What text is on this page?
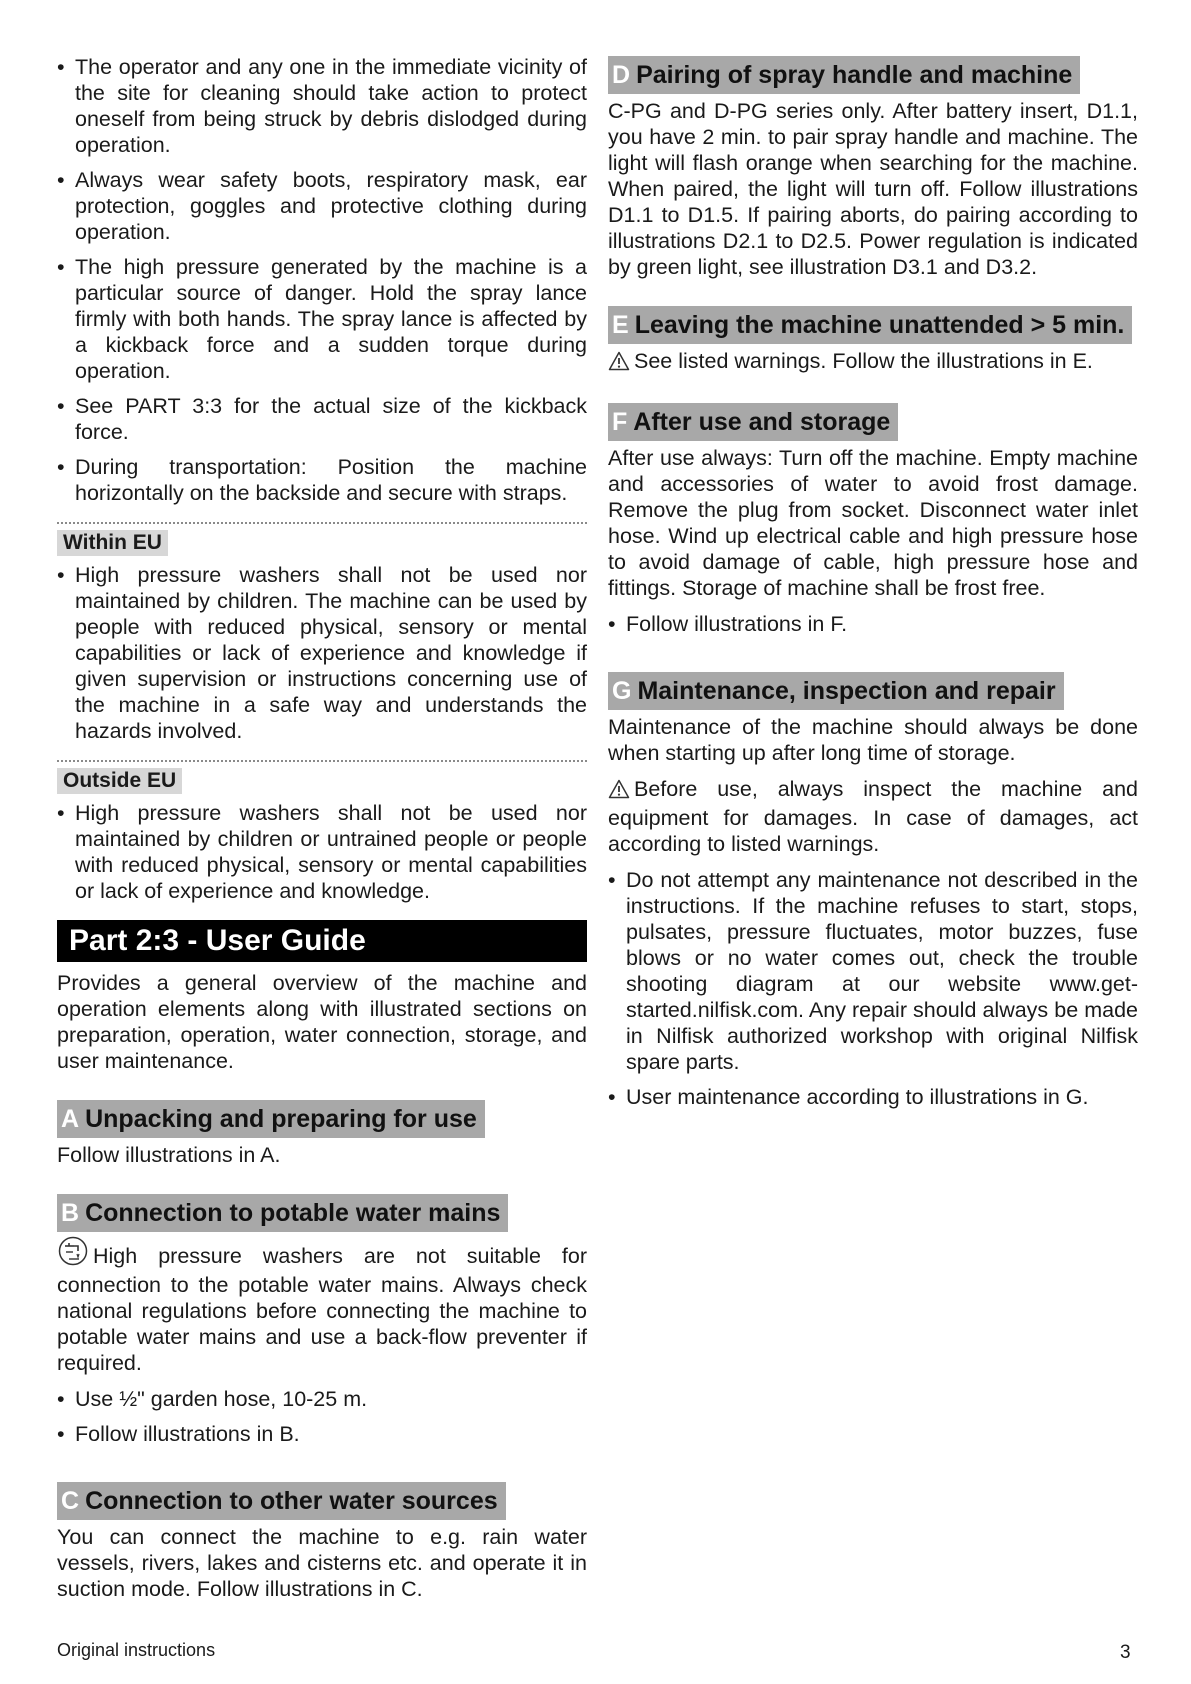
• The operator and any one in the immediate vicinity of the site for cleaning should take action to protect oneself from being struck by debris dislodged during operation.
• Always wear safety boots, respiratory mask, ear protection, goggles and protective clothing during operation.
• The high pressure generated by the machine is a particular source of danger. Hold the spray lance firmly with both hands. The spray lance is affected by a kickback force and a sudden torque during operation.
• See PART 3:3 for the actual size of the kickback force.
• During transportation: Position the machine horizontally on the backside and secure with straps.
Within EU
• High pressure washers shall not be used nor maintained by children. The machine can be used by people with reduced physical, sensory or mental capabilities or lack of experience and knowledge if given supervision or instructions concerning use of the machine in a safe way and understands the hazards involved.
Outside EU
• High pressure washers shall not be used nor maintained by children or untrained people or people with reduced physical, sensory or mental capabilities or lack of experience and knowledge.
Part 2:3 - User Guide

Provides a general overview of the machine and operation elements along with illustrated sections on preparation, operation, water connection, storage, and user maintenance.

A Unpacking and preparing for use

Follow illustrations in A.

B Connection to potable water mains

High pressure washers are not suitable for connection to the potable water mains. Always check national regulations before connecting the machine to potable water mains and use a back-flow preventer if required.

• Use ½" garden hose, 10-25 m.
• Follow illustrations in B.
C Connection to other water sources

You can connect the machine to e.g. rain water vessels, rivers, lakes and cisterns etc. and operate it in suction mode. Follow illustrations in C.

D Pairing of spray handle and machine

C-PG and D-PG series only. After battery insert, D1.1, you have 2 min. to pair spray handle and machine. The light will flash orange when searching for the machine. When paired, the light will turn off. Follow illustrations D1.1 to D1.5. If pairing aborts, do pairing according to illustrations D2.1 to D2.5. Power regulation is indicated by green light, see illustration D3.1 and D3.2.

E Leaving the machine unattended > 5 min.

See listed warnings. Follow the illustrations in E.

F After use and storage

After use always: Turn off the machine. Empty machine and accessories of water to avoid frost damage. Remove the plug from socket. Disconnect water inlet hose. Wind up electrical cable and high pressure hose to avoid damage of cable, high pressure hose and fittings. Storage of machine shall be frost free.

• Follow illustrations in F.
G Maintenance, inspection and repair

Maintenance of the machine should always be done when starting up after long time of storage.

Before use, always inspect the machine and equipment for damages. In case of damages, act according to listed warnings.

• Do not attempt any maintenance not described in the instructions. If the machine refuses to start, stops, pulsates, pressure fluctuates, motor buzzes, fuse blows or no water comes out, check the trouble shooting diagram at our website www.get-started.nilfisk.com. Any repair should always be made in Nilfisk authorized workshop with original Nilfisk spare parts.
• User maintenance according to illustrations in G.
Original instructions	3
